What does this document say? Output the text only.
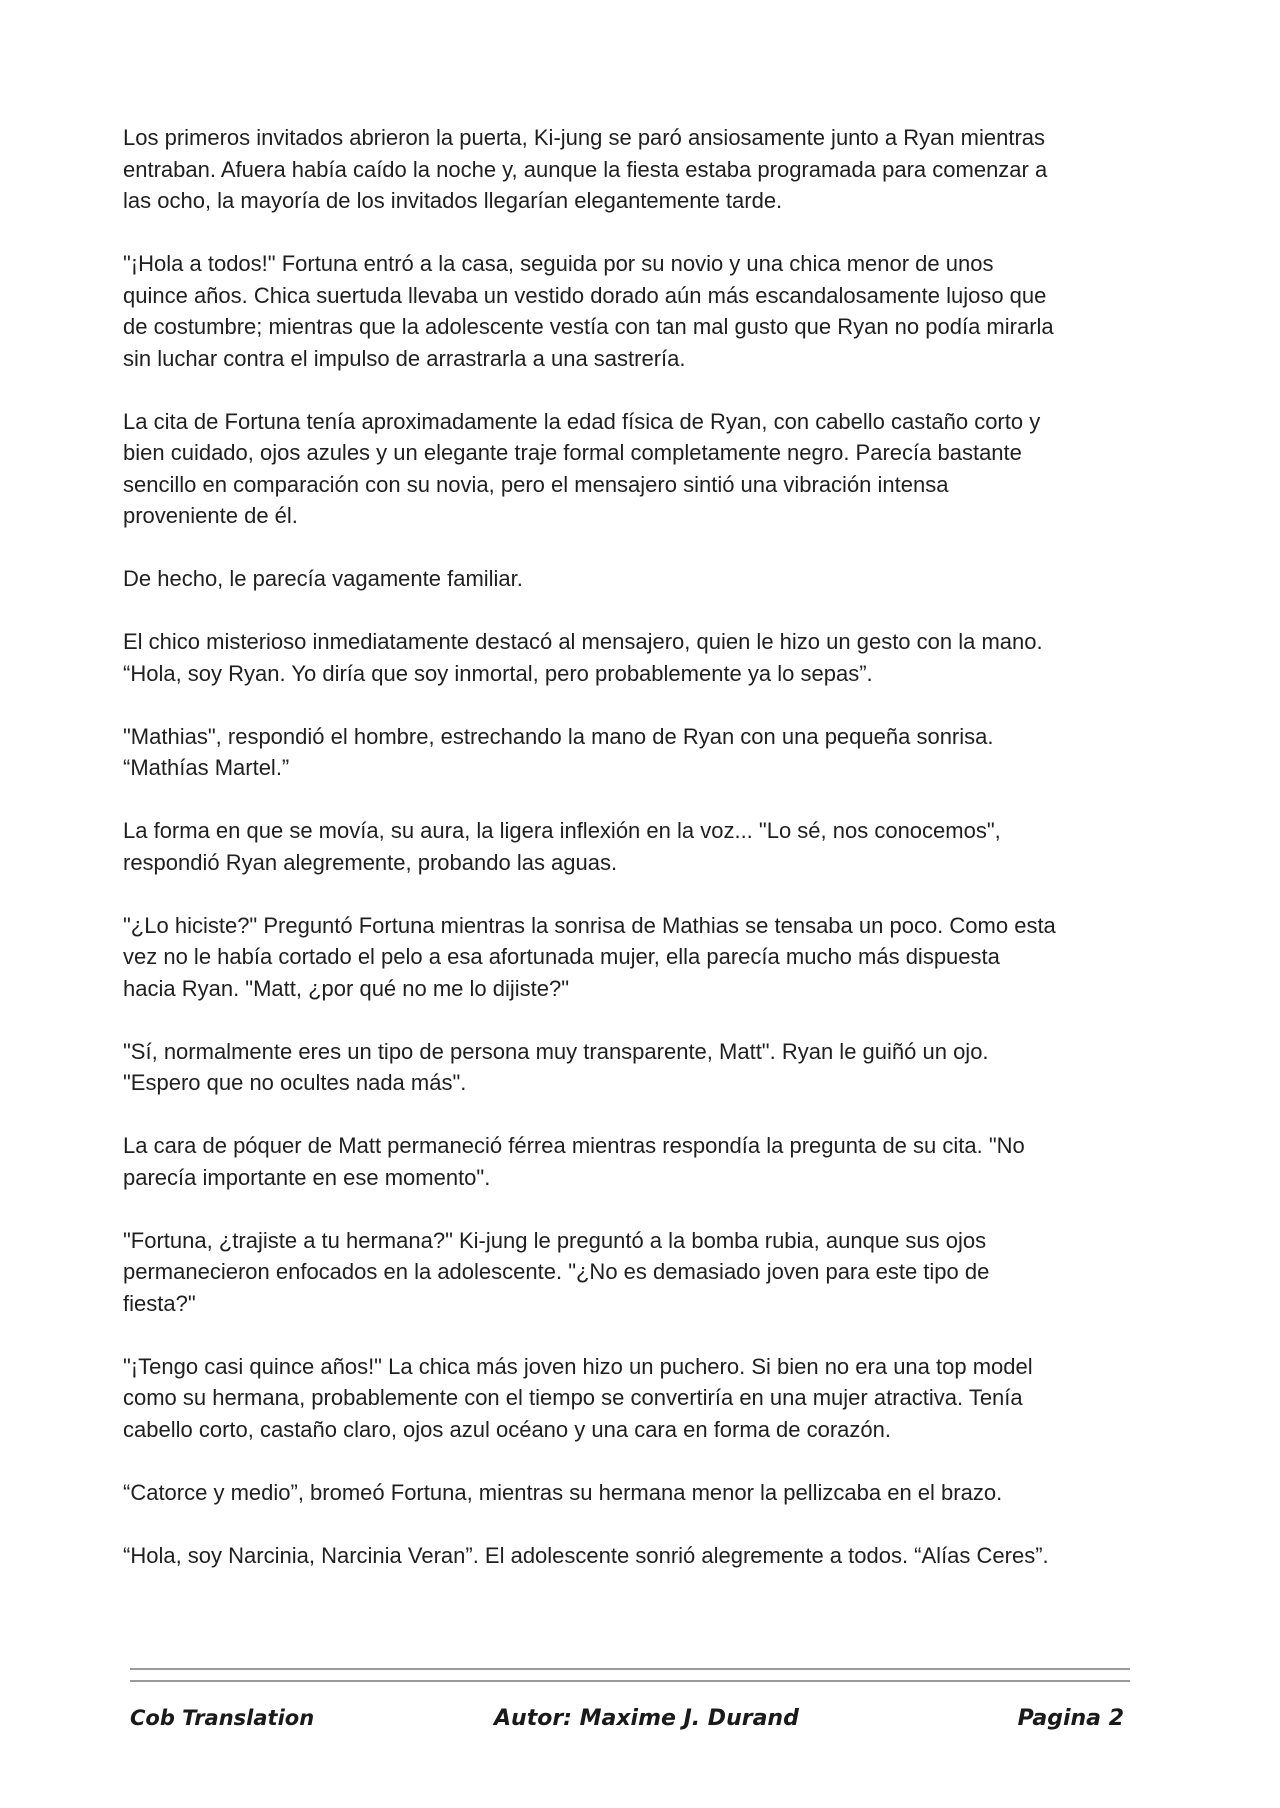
Los primeros invitados abrieron la puerta, Ki-jung se paró ansiosamente junto a Ryan mientras
entraban. Afuera había caído la noche y, aunque la fiesta estaba programada para comenzar a
las ocho, la mayoría de los invitados llegarían elegantemente tarde.

"¡Hola a todos!" Fortuna entró a la casa, seguida por su novio y una chica menor de unos
quince años. Chica suertuda llevaba un vestido dorado aún más escandalosamente lujoso que
de costumbre; mientras que la adolescente vestía con tan mal gusto que Ryan no podía mirarla
sin luchar contra el impulso de arrastrarla a una sastrería.

La cita de Fortuna tenía aproximadamente la edad física de Ryan, con cabello castaño corto y
bien cuidado, ojos azules y un elegante traje formal completamente negro. Parecía bastante
sencillo en comparación con su novia, pero el mensajero sintió una vibración intensa
proveniente de él.

De hecho, le parecía vagamente familiar.

El chico misterioso inmediatamente destacó al mensajero, quien le hizo un gesto con la mano.
“Hola, soy Ryan. Yo diría que soy inmortal, pero probablemente ya lo sepas”.

"Mathias", respondió el hombre, estrechando la mano de Ryan con una pequeña sonrisa.
“Mathías Martel.”

La forma en que se movía, su aura, la ligera inflexión en la voz... "Lo sé, nos conocemos",
respondió Ryan alegremente, probando las aguas.

"¿Lo hiciste?" Preguntó Fortuna mientras la sonrisa de Mathias se tensaba un poco. Como esta
vez no le había cortado el pelo a esa afortunada mujer, ella parecía mucho más dispuesta
hacia Ryan. "Matt, ¿por qué no me lo dijiste?"

"Sí, normalmente eres un tipo de persona muy transparente, Matt". Ryan le guiñó un ojo.
"Espero que no ocultes nada más".

La cara de póquer de Matt permaneció férrea mientras respondía la pregunta de su cita. "No
parecía importante en ese momento".

"Fortuna, ¿trajiste a tu hermana?" Ki-jung le preguntó a la bomba rubia, aunque sus ojos
permanecieron enfocados en la adolescente. "¿No es demasiado joven para este tipo de
fiesta?"

"¡Tengo casi quince años!" La chica más joven hizo un puchero. Si bien no era una top model
como su hermana, probablemente con el tiempo se convertiría en una mujer atractiva. Tenía
cabello corto, castaño claro, ojos azul océano y una cara en forma de corazón.

“Catorce y medio”, bromeó Fortuna, mientras su hermana menor la pellizcaba en el brazo.

“Hola, soy Narcinia, Narcinia Veran”. El adolescente sonrió alegremente a todos. “Alías Ceres”.

Cob Translation	Autor: Maxime J. Durand	Pagina 2
